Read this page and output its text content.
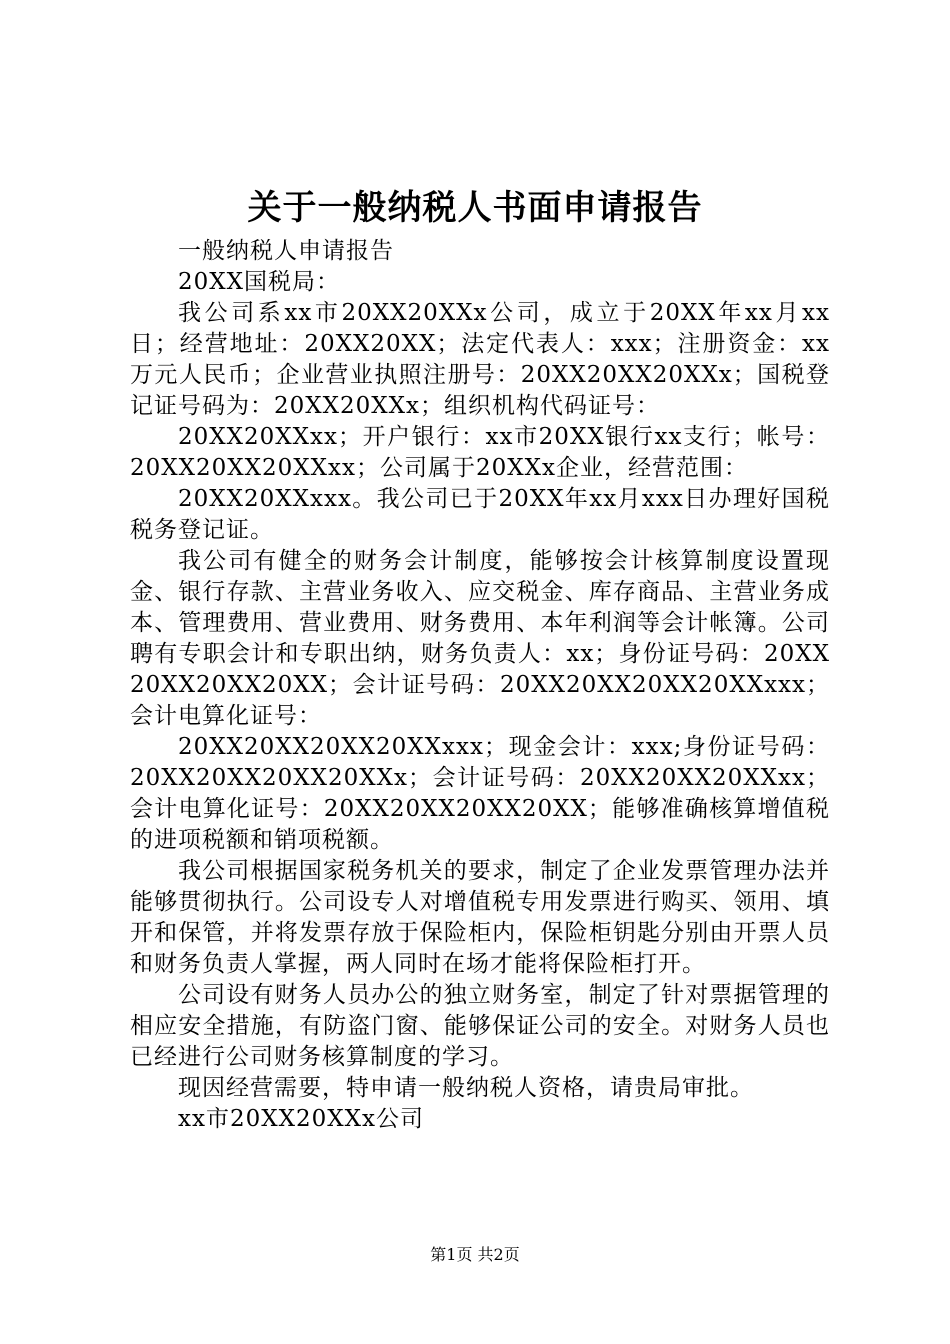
关于一般纳税人书面申请报告

一般纳税人申请报告

20XX国税局：

我公司系xx市20XX20XXx公司，成立于20XX年xx月xx日；经营地址：20XX20XX；法定代表人：xxx；注册资金：xx万元人民币；企业营业执照注册号：20XX20XX20XXx；国税登记证号码为：20XX20XXx；组织机构代码证号：

20XX20XXxx；开户银行：xx市20XX银行xx支行；帐号：20XX20XX20XXxx；公司属于20XXx企业，经营范围：

20XX20XXxxx。我公司已于20XX年xx月xxx日办理好国税税务登记证。

我公司有健全的财务会计制度，能够按会计核算制度设置现金、银行存款、主营业务收入、应交税金、库存商品、主营业务成本、管理费用、营业费用、财务费用、本年利润等会计帐簿。公司聘有专职会计和专职出纳，财务负责人：xx；身份证号码：20XX20XX20XX20XX；会计证号码：20XX20XX20XX20XXxxx；会计电算化证号：

20XX20XX20XX20XXxxx；现金会计：xxx;身份证号码：20XX20XX20XX20XXx；会计证号码：20XX20XX20XXxx；会计电算化证号：20XX20XX20XX20XX；能够准确核算增值税的进项税额和销项税额。

我公司根据国家税务机关的要求，制定了企业发票管理办法并能够贯彻执行。公司设专人对增值税专用发票进行购买、领用、填开和保管，并将发票存放于保险柜内，保险柜钥匙分别由开票人员和财务负责人掌握，两人同时在场才能将保险柜打开。

公司设有财务人员办公的独立财务室，制定了针对票据管理的相应安全措施，有防盗门窗、能够保证公司的安全。对财务人员也已经进行公司财务核算制度的学习。

现因经营需要，特申请一般纳税人资格，请贵局审批。

xx市20XX20XXx公司

第1页 共2页
